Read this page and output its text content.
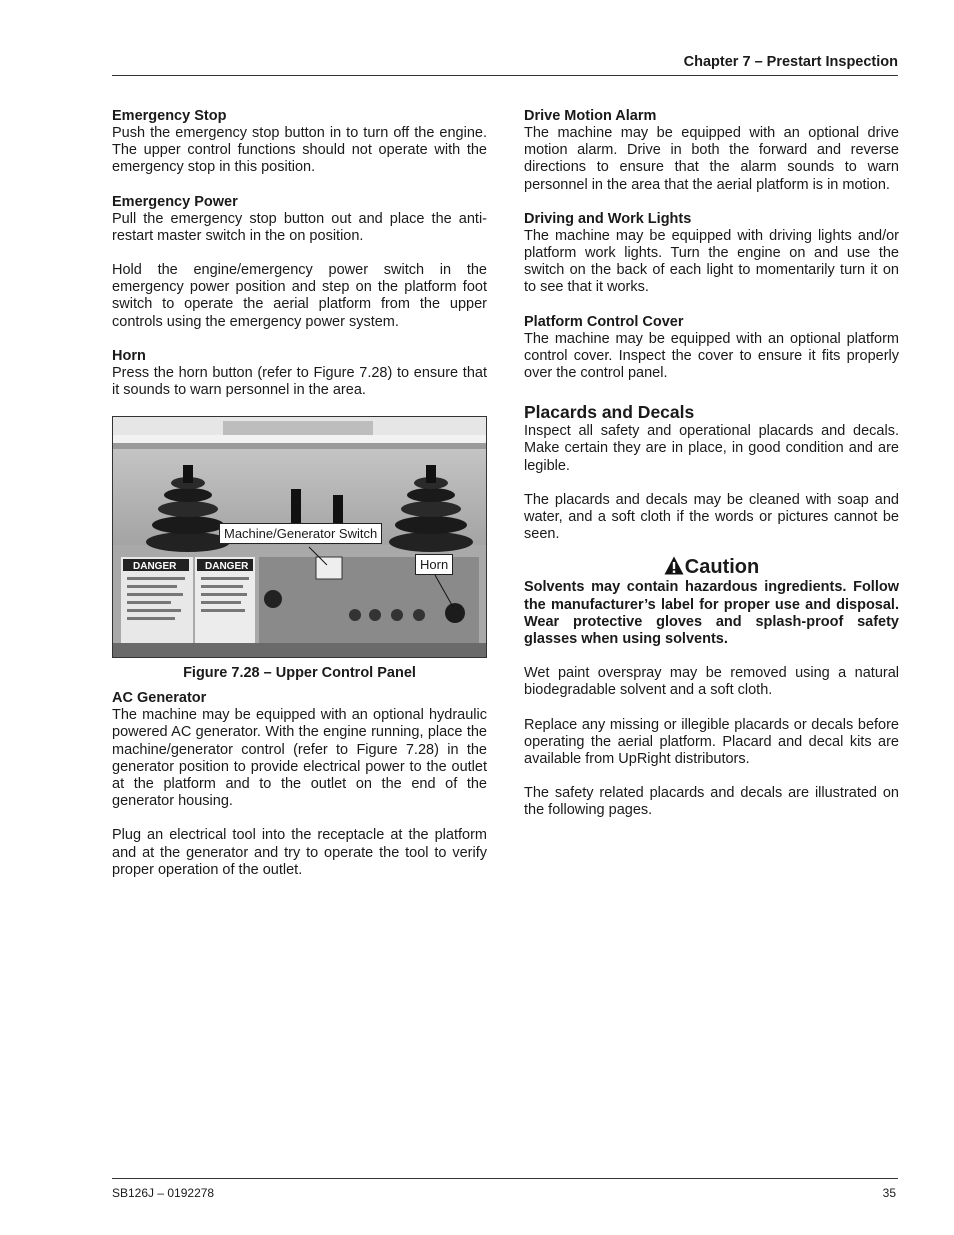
Chapter 7 – Prestart Inspection
Emergency Stop

Push the emergency stop button in to turn off the engine. The upper control functions should not operate with the emergency stop in this position.

Emergency Power

Pull the emergency stop button out and place the anti-restart master switch in the on position.

Hold the engine/emergency power switch in the emergency power position and step on the platform foot switch to operate the aerial platform from the upper controls using the emergency power system.

Horn

Press the horn button (refer to Figure 7.28) to ensure that it sounds to warn personnel in the area.

DANGER	DANGER
Machine/Generator Switch
Horn
Figure 7.28 – Upper Control Panel
AC Generator

The machine may be equipped with an optional hydraulic powered AC generator. With the engine running, place the machine/generator control (refer to Figure 7.28) in the generator position to provide electrical power to the outlet at the platform and to the outlet on the end of the generator housing.

Plug an electrical tool into the receptacle at the platform and at the generator and try to operate the tool to verify proper operation of the outlet.

Drive Motion Alarm

The machine may be equipped with an optional drive motion alarm. Drive in both the forward and reverse directions to ensure that the alarm sounds to warn personnel in the area that the aerial platform is in motion.

Driving and Work Lights

The machine may be equipped with driving lights and/or platform work lights. Turn the engine on and use the switch on the back of each light to momentarily turn it on to see that it works.

Platform Control Cover

The machine may be equipped with an optional platform control cover. Inspect the cover to ensure it fits properly over the control panel.

Placards and Decals

Inspect all safety and operational placards and decals. Make certain they are in place, in good condition and are legible.

The placards and decals may be cleaned with soap and water, and a soft cloth if the words or pictures cannot be seen.

Caution

Solvents may contain hazardous ingredients. Follow the manufacturer’s label for proper use and disposal. Wear protective gloves and splash-proof safety glasses when using solvents.

Wet paint overspray may be removed using a natural biodegradable solvent and a soft cloth.

Replace any missing or illegible placards or decals before operating the aerial platform. Placard and decal kits are available from UpRight distributors.

The safety related placards and decals are illustrated on the following pages.

SB126J – 0192278	35
